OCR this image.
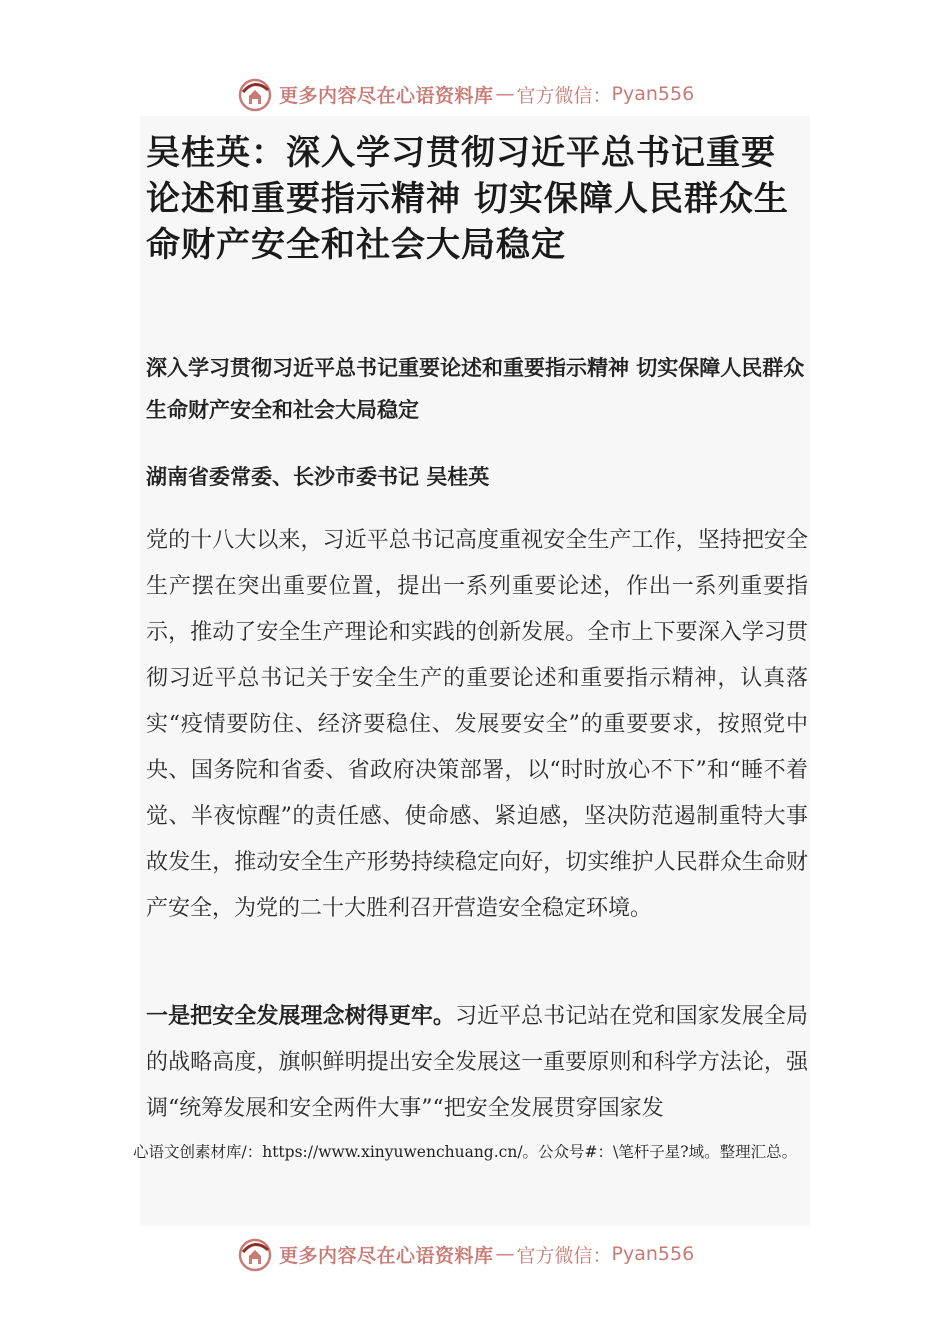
更多内容尽在心语资料库 — 官方微信： Pyan556
吴桂英：深入学习贯彻习近平总书记重要论述和重要指示精神 切实保障人民群众生命财产安全和社会大局稳定
深入学习贯彻习近平总书记重要论述和重要指示精神 切实保障人民群众生命财产安全和社会大局稳定
湖南省委常委、长沙市委书记 吴桂英
党的十八大以来，习近平总书记高度重视安全生产工作，坚持把安全生产摆在突出重要位置，提出一系列重要论述，作出一系列重要指示，推动了安全生产理论和实践的创新发展。全市上下要深入学习贯彻习近平总书记关于安全生产的重要论述和重要指示精神，认真落实“疫情要防住、经济要稳住、发展要安全”的重要要求，按照党中央、国务院和省委、省政府决策部署，以“时时放心不下”和“睡不着觉、半夜惊醒”的责任感、使命感、紧迫感，坚决防范遏制重特大事故发生，推动安全生产形势持续稳定向好，切实维护人民群众生命财产安全，为党的二十大胜利召开营造安全稳定环境。
一是把安全发展理念树得更牢。习近平总书记站在党和国家发展全局的战略高度，旗帜鲜明提出安全发展这一重要原则和科学方法论，强调“统筹发展和安全两件大事”“把安全发展贯穿国家发
心语文创素材库/：https://www.xinyuwenchuang.cn/。公众号#：\笔杆子星?域。整理汇总。
更多内容尽在心语资料库 — 官方微信： Pyan556
